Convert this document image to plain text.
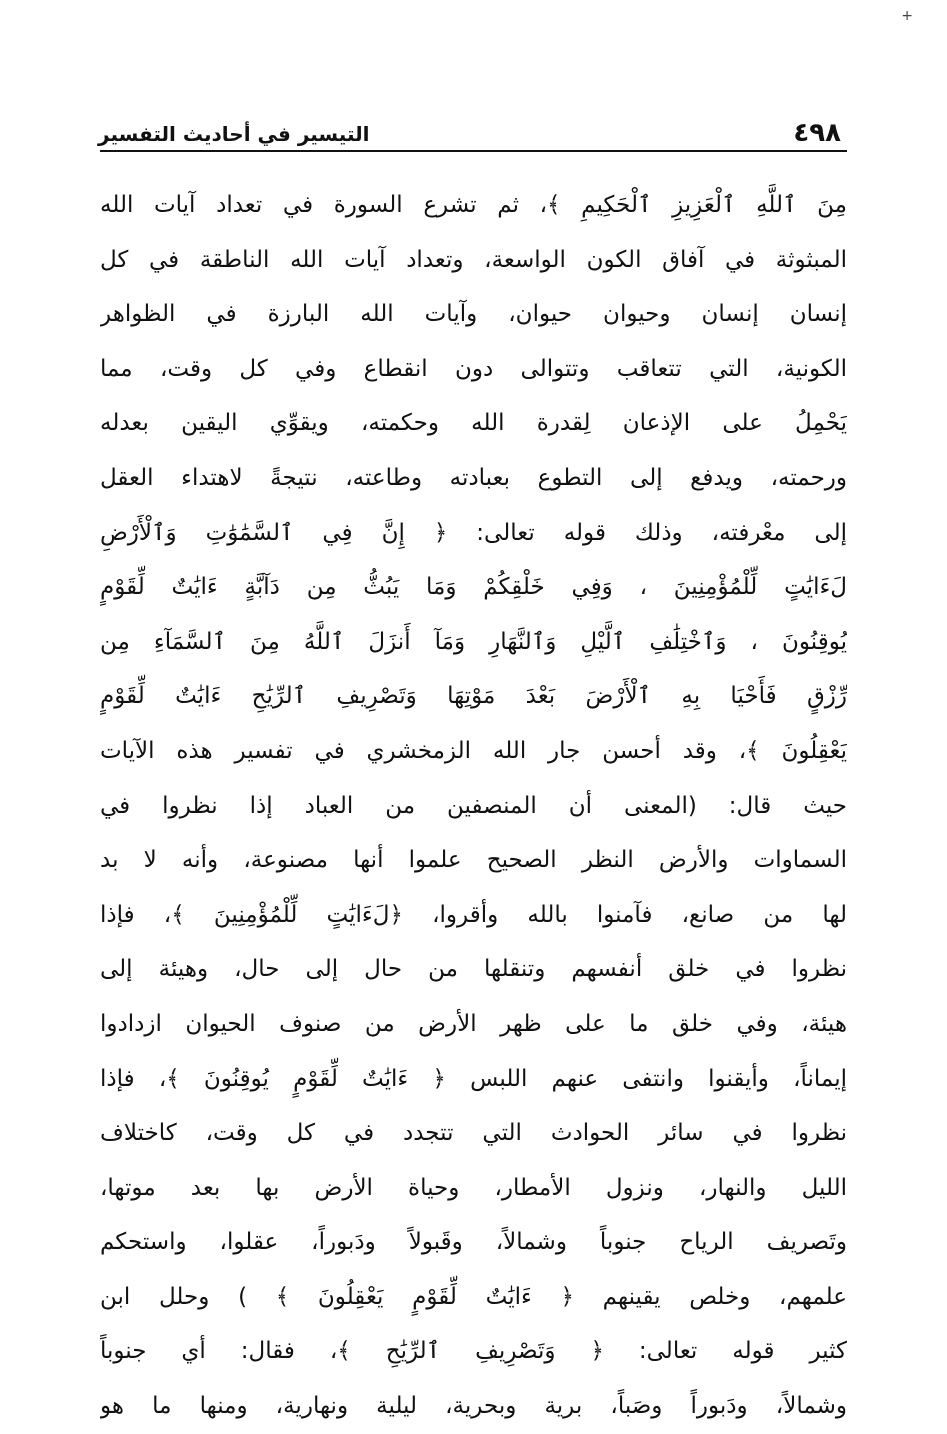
+
٤٩٨
التيسير في أحاديث التفسير
مِنَ ٱللَّهِ ٱلْعَزِيزِ ٱلْحَكِيمِ ﴾، ثم تشرع السورة في تعداد آيات الله
المبثوثة في آفاق الكون الواسعة، وتعداد آيات الله الناطقة في كل
إنسان إنسان وحيوان حيوان، وآيات الله البارزة في الظواهر
الكونية، التي تتعاقب وتتوالى دون انقطاع وفي كل وقت، مما
يَحْمِلُ على الإذعان لِقدرة الله وحكمته، ويقوِّي اليقين بعدله
ورحمته، ويدفع إلى التطوع بعبادته وطاعته، نتيجةً لاهتداء العقل
إلى معْرفته، وذلك قوله تعالى: ﴿ إِنَّ فِي ٱلسَّمَٰوَٰتِ وَٱلْأَرْضِ
لَءَايَٰتٍ لِّلْمُؤْمِنِينَ ، وَفِي خَلْقِكُمْ وَمَا يَبُثُّ مِن دَآبَّةٍ ءَايَٰتٌ لِّقَوْمٍ
يُوقِنُونَ ، وَٱخْتِلَٰفِ ٱلَّيْلِ وَٱلنَّهَارِ وَمَآ أَنزَلَ ٱللَّهُ مِنَ ٱلسَّمَآءِ مِن
رِّزْقٍ فَأَحْيَا بِهِ ٱلْأَرْضَ بَعْدَ مَوْتِهَا وَتَصْرِيفِ ٱلرِّيَٰحِ ءَايَٰتٌ لِّقَوْمٍ
يَعْقِلُونَ ﴾، وقد أحسن جار الله الزمخشري في تفسير هذه الآيات
حيث قال: (المعنى أن المنصفين من العباد إذا نظروا في
السماوات والأرض النظر الصحيح علموا أنها مصنوعة، وأنه لا بد
لها من صانع، فآمنوا بالله وأقروا، ﴿لَءَايَٰتٍ لِّلْمُؤْمِنِينَ ﴾، فإذا
نظروا في خلق أنفسهم وتنقلها من حال إلى حال، وهيئة إلى
هيئة، وفي خلق ما على ظهر الأرض من صنوف الحيوان ازدادوا
إيماناً، وأيقنوا وانتفى عنهم اللبس ﴿ ءَايَٰتٌ لِّقَوْمٍ يُوقِنُونَ ﴾، فإذا
نظروا في سائر الحوادث التي تتجدد في كل وقت، كاختلاف
الليل والنهار، ونزول الأمطار، وحياة الأرض بها بعد موتها،
وتَصريف الرياح جنوباً وشمالاً، وقَبولاً ودَبوراً، عقلوا، واستحكم
علمهم، وخلص يقينهم ﴿ ءَايَٰتٌ لِّقَوْمٍ يَعْقِلُونَ ﴾ ) وحلل ابن
كثير قوله تعالى: ﴿ وَتَصْرِيفِ ٱلرِّيَٰحِ ﴾، فقال: أي جنوباً
وشمالاً، ودَبوراً وصَباً، برية وبحرية، ليلية ونهارية، ومنها ما هو
